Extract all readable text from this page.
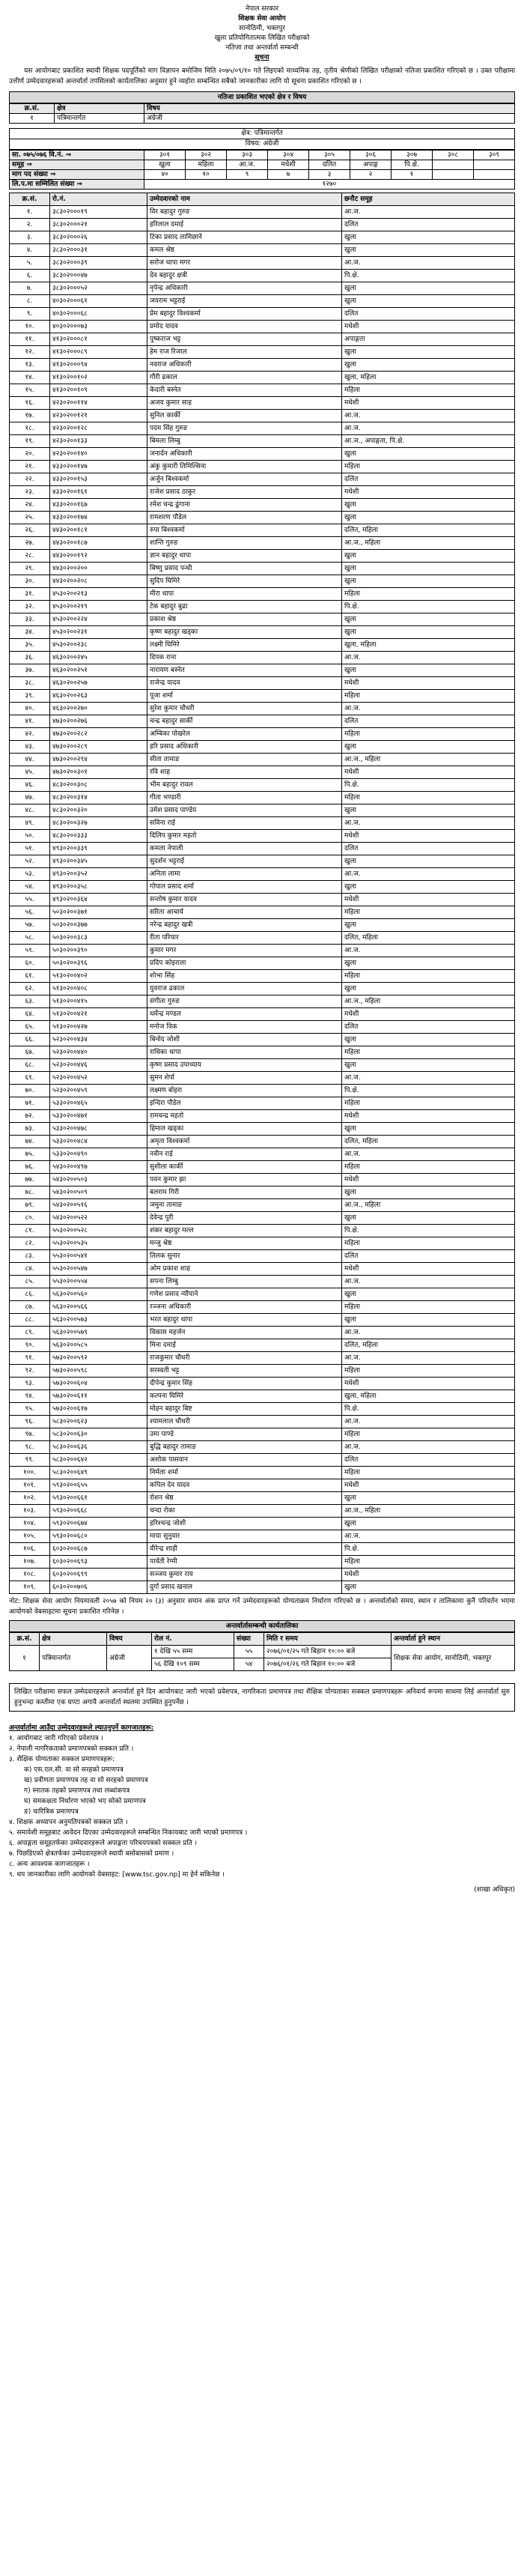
नेपाल सरकार
शिक्षक सेवा आयोग
सानोठिमी, भक्तपुर
खुला प्रतियोगितात्मक लिखित परीक्षाको
नतिजा तथा अन्तर्वार्ता सम्बन्धी
सूचना

यस आयोगबाट प्रकाशित स्थायी शिक्षक पदपूर्तिको माग विज्ञापन बमोजिम मिति २०७५/०९/१० गते लिइएको माध्यमिक तह, तृतीय श्रेणीको लिखित परीक्षाको नतिजा प्रकाशित गरिएको छ । उक्त परीक्षामा उत्तीर्ण उम्मेदवारहरूको अन्तर्वार्ता तपसिलको कार्यतालिका अनुसार हुने व्यहोरा सम्बन्धित सबैको जानकारीका लागि यो सूचना प्रकाशित गरिएको छ ।

नतिजा प्रकाशित भएको क्षेत्र र विषय
क्र.सं.	क्षेत्र	विषय
१	पत्रिमान्तर्गत	अंग्रेजी
क्षेत्र: पत्रिमान्तर्गत
विषय: अंग्रेजी
सा. ०७५/०७६ वि.नं. ⇒	३०१	३०२	३०३	३०४	३०५	३०६	३०७	३०८	३०९
समूह ⇒	खुला	महिला	आ.ज.	मधेशी	दलित	अपाङ्ग	पि.क्षे.		
माग पद संख्या ⇒	४०	१०	९	७	३	२	१		
लि.प.मा सम्मिलित संख्या ⇒	१२७०								
क्र.सं.	रो.नं.	उम्मेदवारको नाम	छनौट समूह
१.	३८३०२०००१९	विर बहादुर गुरुङ	आ.ज.
२.	३८३०२०००२१	हरिलाल दमाई	दलित
३.	३८३०२०००२६	टिका प्रसाद लामिछाने	खुला
४.	३८३०२०००३१	कमल श्रेष्ठ	खुला
५.	३८३०२०००३९	सरोज थापा मगर	आ.ज.
६.	३८३०२०००४७	देव बहादुर क्षत्री	पि.क्षे.
७.	३८३०२०००५२	नृपेन्द्र अधिकारी	खुला
८.	४०३०२०००६१	जयराम भट्टराई	खुला
९.	४०३०२०००६८	प्रेम बहादुर विश्वकर्मा	दलित
१०.	४०३०२०००७३	प्रमोद यादव	मधेशी
११.	४१३०२०००८१	पुष्कराज भट्ट	अपाङ्गता
१२.	४१३०२०००८९	हेम राज रिजाल	खुला
१३.	४१३०२०००९४	नवराज अधिकारी	खुला
१४.	४१३०२००१०२	गौरी ढकाल	खुला, महिला
१५.	४१३०२००१०९	केदारी बस्नेत	महिला
१६.	४२३०२००११४	अजय कुमार साह	मधेशी
१७.	४२३०२००१२१	सुनिल कार्की	आ.ज.
१८.	४२३०२००१२८	पदम सिंह गुरुङ	आ.ज.
१९.	४२३०२००१३३	बिमला लिम्बु	आ.ज., अपाङ्गता, पि.क्षे.
२०.	४२३०२००१४०	जनार्दन अधिकारी	खुला
२१.	४३३०२००१४७	अंकु कुमारी तिमिल्सिना	महिला
२२.	४३३०२००१५३	अर्जुन बिश्वकर्मा	दलित
२३.	४३३०२००१६१	राजेश प्रसाद ठाकुर	मधेशी
२४.	४३३०२००१६७	रमेश चन्द्र ढुंगाना	खुला
२५.	४३३०२००१७४	रामशरण पौडेल	खुला
२६.	४४३०२००१८१	रुपा बिश्वकर्मा	दलित, महिला
२७.	४४३०२००१८७	शान्ति गुरुङ	आ.ज., महिला
२८.	४४३०२००१९२	ज्ञान बहादुर थापा	खुला
२९.	४४३०२००२००	बिष्णु प्रसाद पन्थी	खुला
३०.	४४३०२००२०८	सुदिप घिमिरे	खुला
३१.	४५३०२००२१३	मीरा थापा	महिला
३२.	४५३०२००२१९	टेक बहादुर बुढा	पि.क्षे.
३३.	४५३०२००२२४	प्रकाश श्रेष्ठ	खुला
३४.	४५३०२००२३१	कृष्ण बहादुर खड्का	खुला
३५.	४५३०२००२३८	लक्ष्मी घिमिरे	खुला, महिला
३६.	४६३०२००२४५	दिपक राना	आ.ज.
३७.	४६३०२००२५१	नारायण बस्नेत	खुला
३८.	४६३०२००२५७	राजेन्द्र यादव	मधेशी
३९.	४६३०२००२६३	पूजा शर्मा	महिला
४०.	४६३०२००२७०	सुरेश कुमार चौधरी	आ.ज.
४१.	४७३०२००२७६	चन्द्र बहादुर सार्की	दलित
४२.	४७३०२००२८२	अम्बिका पोखरेल	महिला
४३.	४७३०२००२८९	हरि प्रसाद अधिकारी	खुला
४४.	४७३०२००२९४	सीता तामाङ	आ.ज., महिला
४५.	४७३०२००३०१	रवि शाह	मधेशी
४६.	४८३०२००३०८	भीम बहादुर रावल	पि.क्षे.
४७.	४८३०२००३१४	गीता भण्डारी	महिला
४८.	४८३०२००३२०	उमेश प्रसाद पाण्डेय	खुला
४९.	४८३०२००३२७	सविना राई	आ.ज.
५०.	४८३०२००३३३	दिलिप कुमार महतो	मधेशी
५१.	४९३०२००३३९	कमला नेपाली	दलित
५२.	४९३०२००३४५	सुदर्शन भट्टराई	खुला
५३.	४९३०२००३५२	अनिता लामा	आ.ज.
५४.	४९३०२००३५८	गोपाल प्रसाद शर्मा	खुला
५५.	४९३०२००३६४	सन्तोष कुमार यादव	मधेशी
५६.	५०३०२००३७१	सरिता आचार्य	महिला
५७.	५०३०२००३७७	नरेन्द्र बहादुर खत्री	खुला
५८.	५०३०२००३८३	रीता परियार	दलित, महिला
५९.	५०३०२००३९०	कुमार मगर	आ.ज.
६०.	५०३०२००३९६	प्रदिप कोइराला	खुला
६१.	५१३०२००४०२	शोभा सिंह	महिला
६२.	५१३०२००४०८	युवराज ढकाल	खुला
६३.	५१३०२००४१५	संगीता गुरुङ	आ.ज., महिला
६४.	५१३०२००४२१	धर्मेन्द्र मण्डल	मधेशी
६५.	५१३०२००४२७	मनोज विक	दलित
६६.	५२३०२००४३४	बिनोद जोशी	खुला
६७.	५२३०२००४४०	राधिका थापा	महिला
६८.	५२३०२००४४६	कृष्ण प्रसाद उपाध्याय	खुला
६९.	५२३०२००४५२	सुमन शेर्पा	आ.ज.
७०.	५२३०२००४५९	लक्ष्मण बोहरा	पि.क्षे.
७१.	५३३०२००४६५	इन्दिरा पौडेल	महिला
७२.	५३३०२००४७१	रामचन्द्र महतो	मधेशी
७३.	५३३०२००४७८	हिमाल खड्का	खुला
७४.	५३३०२००४८४	अमृता विश्वकर्मा	दलित, महिला
७५.	५३३०२००४९०	नवीन राई	आ.ज.
७६.	५४३०२००४९७	सुशीला कार्की	महिला
७७.	५४३०२००५०३	पवन कुमार झा	मधेशी
७८.	५४३०२००५०९	बलराम गिरी	खुला
७९.	५४३०२००५१६	जमुना तामाङ	आ.ज., महिला
८०.	५४३०२००५२२	देवेन्द्र पुरी	खुला
८१.	५५३०२००५२८	शंकर बहादुर मल्ल	पि.क्षे.
८२.	५५३०२००५३५	मन्जु श्रेष्ठ	महिला
८३.	५५३०२००५४१	तिलक सुनार	दलित
८४.	५५३०२००५४७	ओम प्रकाश शाह	मधेशी
८५.	५५३०२००५५४	सपना लिम्बु	आ.ज.
८६.	५६३०२००५६०	गणेश प्रसाद न्यौपाने	खुला
८७.	५६३०२००५६६	रञ्जना अधिकारी	महिला
८८.	५६३०२००५७३	भरत बहादुर थापा	खुला
८९.	५६३०२००५७९	विकास महर्जन	आ.ज.
९०.	५६३०२००५८५	मिना दमाई	दलित, महिला
९१.	५७३०२००५९२	राजकुमार चौधरी	आ.ज.
९२.	५७३०२००५९८	सरस्वती भट्ट	महिला
९३.	५७३०२००६०४	दीपेन्द्र कुमार सिंह	मधेशी
९४.	५७३०२००६११	कल्पना घिमिरे	खुला, महिला
९५.	५७३०२००६१७	मोहन बहादुर बिष्ट	पि.क्षे.
९६.	५८३०२००६२३	श्यामलाल चौधरी	आ.ज.
९७.	५८३०२००६३०	उमा पाण्डे	महिला
९८.	५८३०२००६३६	बुद्धि बहादुर तामाङ	आ.ज.
९९.	५८३०२००६४२	अशोक पासवान	दलित
१००.	५८३०२००६४९	निर्मला शर्मा	महिला
१०१.	५९३०२००६५५	कपिल देव यादव	मधेशी
१०२.	५९३०२००६६१	रोशन श्रेष्ठ	खुला
१०३.	५९३०२००६६८	चन्दा रोका	आ.ज., महिला
१०४.	५९३०२००६७४	हरिश्चन्द्र जोशी	खुला
१०५.	५९३०२००६८०	माया सुनुवार	आ.ज.
१०६.	६०३०२००६८७	वीरेन्द्र शाही	पि.क्षे.
१०७.	६०३०२००६९३	पार्वती रेग्मी	महिला
१०८.	६०३०२००६९९	सञ्जय कुमार राय	मधेशी
१०९.	६०३०२००७०६	दुर्गा प्रसाद खनाल	खुला

नोट: शिक्षक सेवा आयोग नियमावली २०५७ को नियम २० (३) अनुसार समान अंक प्राप्त गर्ने उम्मेदवारहरूको योग्यताक्रम निर्धारण गरिएको छ । अन्तर्वार्ताको समय, स्थान र तालिकामा कुनै परिवर्तन भएमा आयोगको वेबसाइटमा सूचना प्रकाशित गरिनेछ ।

अन्तर्वार्तासम्बन्धी कार्यतालिका
क्र.सं.	क्षेत्र	विषय	रोल नं.	संख्या	मिति र समय	अन्तर्वार्ता हुने स्थान
१	पत्रिमान्तर्गत	अंग्रेजी	१ देखि ५५ सम्म	५५	२०७६/०१/२५ गते बिहान १०:०० बजे	शिक्षक सेवा आयोग, सानोठिमी, भक्तपुर
			५६ देखि १०९ सम्म	५४	२०७६/०१/२६ गते बिहान १०:०० बजे	
लिखित परीक्षामा सफल उम्मेदवारहरूले अन्तर्वार्ता हुने दिन आयोगबाट जारी भएको प्रवेशपत्र, नागरिकता प्रमाणपत्र तथा शैक्षिक योग्यताका सक्कल प्रमाणपत्रहरू अनिवार्य रूपमा साथमा लिई अन्तर्वार्ता सुरु हुनुभन्दा कम्तीमा एक घण्टा अगावै अन्तर्वार्ता स्थलमा उपस्थित हुनुपर्नेछ ।
अन्तर्वार्तामा आउँदा उम्मेदवारहरूले ल्याउनुपर्ने कागजातहरू:
१. आयोगबाट जारी गरिएको प्रवेशपत्र ।
२. नेपाली नागरिकताको प्रमाणपत्रको सक्कल प्रति ।
३. शैक्षिक योग्यताका सक्कल प्रमाणपत्रहरू:
क) एस.एल.सी. वा सो सरहको प्रमाणपत्र
ख) प्रवीणता प्रमाणपत्र तह वा सो सरहको प्रमाणपत्र
ग) स्नातक तहको प्रमाणपत्र तथा लब्धांकपत्र
घ) समकक्षता निर्धारण भएको भए सोको प्रमाणपत्र
ङ) चारित्रिक प्रमाणपत्र
४. शिक्षक अध्यापन अनुमतिपत्रको सक्कल प्रति ।
५. समावेशी समूहबाट आवेदन दिएका उम्मेदवारहरूले सम्बन्धित निकायबाट जारी भएको प्रमाणपत्र ।
६. अपाङ्गता समूहतर्फका उम्मेदवारहरूले अपाङ्गता परिचयपत्रको सक्कल प्रति ।
७. पिछडिएको क्षेत्रतर्फका उम्मेदवारहरूले स्थायी बसोबासको प्रमाण ।
८. अन्य आवश्यक कागजातहरू ।
९. थप जानकारीका लागि आयोगको वेबसाइट: [www.tsc.gov.np] मा हेर्न सकिनेछ ।
(शाखा अधिकृत)
